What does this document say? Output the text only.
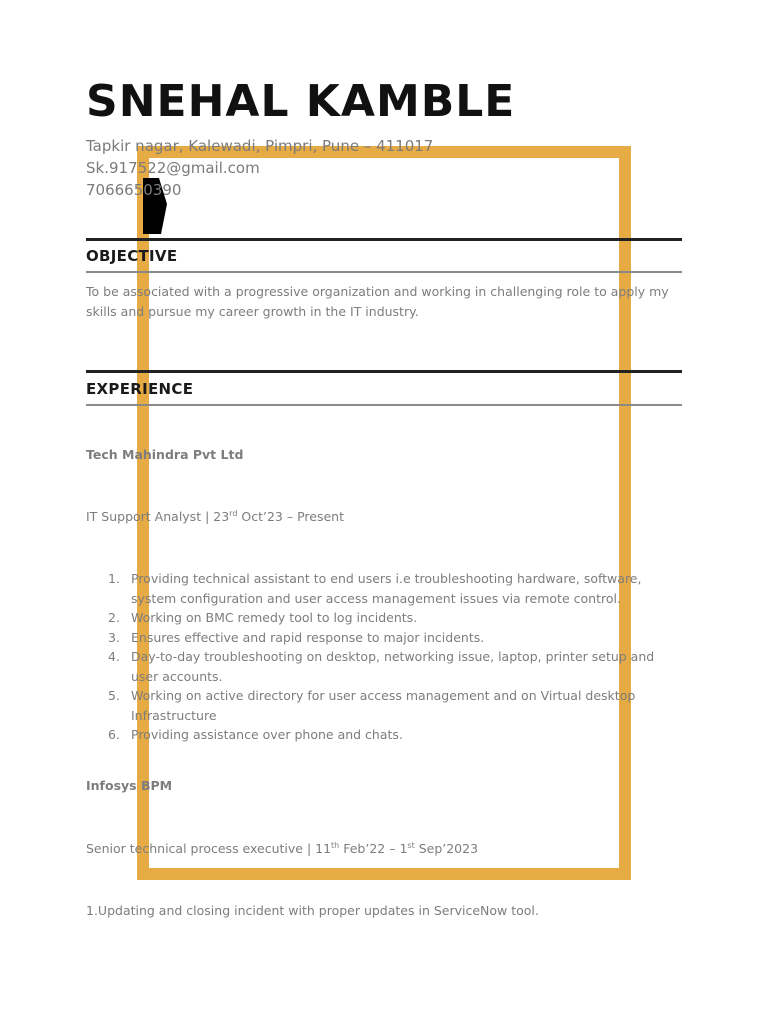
SNEHAL KAMBLE
Tapkir nagar, Kalewadi, Pimpri, Pune – 411017
Sk.917522@gmail.com
7066650390
OBJECTIVE
To be associated with a progressive organization and working in challenging role to apply my skills and pursue my career growth in the IT industry.
EXPERIENCE
Tech Mahindra Pvt Ltd
IT Support Analyst | 23rd Oct’23 – Present
1. Providing technical assistant to end users i.e troubleshooting hardware, software, system configuration and user access management issues via remote control.
2. Working on BMC remedy tool to log incidents.
3. Ensures effective and rapid response to major incidents.
4. Day-to-day troubleshooting on desktop, networking issue, laptop, printer setup and user accounts.
5. Working on active directory for user access management and on Virtual desktop Infrastructure
6. Providing assistance over phone and chats.
Infosys BPM
Senior technical process executive | 11th Feb’22 – 1st Sep’2023
1.Updating and closing incident with proper updates in ServiceNow tool.
